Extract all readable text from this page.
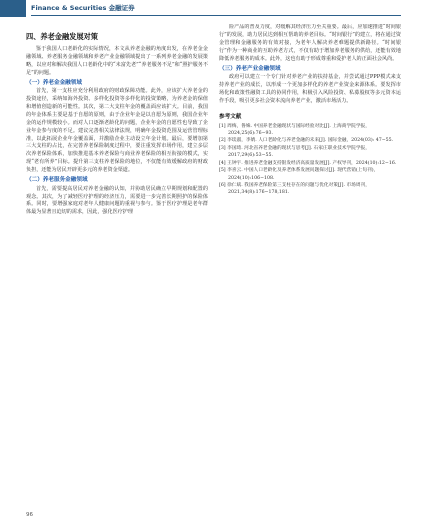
Finance & Securities 金融证券
四、养老金融发展对策

鉴于我国人口老龄化的实际情况，本文从养老金融的角度出发，在养老金金融领域、养老服务金融领域和养老产业金融领域提出了一系列养老金融的发展策略，以应对和解决我国人口老龄化中的“未富先老”“养老服务不足”和“照护服务不足”的问题。

（一）养老金金融领域

首先，第一支柱应充分利用政府的财政保障功能。此外，应该扩大养老金的投资途径，采纳如海外投资、多样化投资等多样化的投资策略，为养老金的保值和增值创造新的可能性。其次，第二大支柱年金的覆盖面应该扩大。目前，我国的年金体系主要是基于自愿的原则，由于企业年金是以自愿为原则，我国企业年金的运作规模较小。而对人口逐渐老龄化的问题，企业年金的自愿性也导致了企业年金参与度的不足。建议完善相关法律法规，明确年金投资范围及运营管理标准，以此拓展企业年金覆盖面，并激励企业主动设立年金计划。最后，要增加第三大支柱的占比，在完善养老保险制度过程中，要注重发挥市场作用，建立多层次养老保险体系，加快推进基本养老保险与商业养老保险的相互衔接的模式，实现“老有所养”目标。提升第三支柱养老保险的地位，不仅能有效缓解政府的财政负担，还能为居民开辟更多元的养老资金渠道。

（二）养老服务金融领域

首先，需要提高居民对养老金融的认知，并协助居民确立早期规划和配置的观念。其次，为了减轻医疗护理的经济压力，需要进一步完善长期照护的保险体系。同时，要增强家庭对老年人健康问题的重视与参与。鉴于医疗护理是老年群体最为显著且迫切的需求，因此，强化医疗护理

险产品的普及力度，对缓解其经济压力至关重要。最后，应加速推进“时间银行”的发展，助力居民达到相互帮助的养老目标。“时间银行”的建立，将在通过资金管理和金融服务的有效对接，为老年人解决养老难题提供新路径。“时间银行”作为一种商业的互助养老方式，不仅有助于增加养老服务的供给，还能有效地降低养老服务的成本。此外，这也有助于形成尊重和爱护老人的正面社会风尚。

（三）养老产业金融领域

政府可以建立一个专门针对养老产业的扶持基金，并尝试通过PPP模式来支持养老产业的成长，以形成一个更加多样化的养老产业资金来源体系。要发挥市场化和政策性融资工具的协同作用，积极引入风险投资、私募股权等多元资本运作手段，吸引更多社会资本流向养老产业，激活市场活力。

参考文献
[1] 周梅，鲁姝. 中国养老金融现状与国际经验对比[J]. 上海商学院学报，2024,25(6):76−93.
[2] 李琰淑，李婧. 人口老龄化与养老金融的未来[J]. 国际金融，2024(03): 47−55.
[3] 李国琦. 河北省养老金融的现状与思考[J]. 石家庄职业技术学院学报，2017,29(6):53−55.
[4] 王钟宇. 推进养老金融支持银发经济高质量发展[J]. 产权导刊，2024(10):12−16.
[5] 李喜云. 中国人口老龄化及养老体系发展问题探讨[J]. 现代营销(上旬刊)，2024(10):106−108.
[6] 徐仁斌. 我国养老保险第三支柱存在的问题与优化对策[J]. 市场周刊，2021,34(8):176−178,181.
96
